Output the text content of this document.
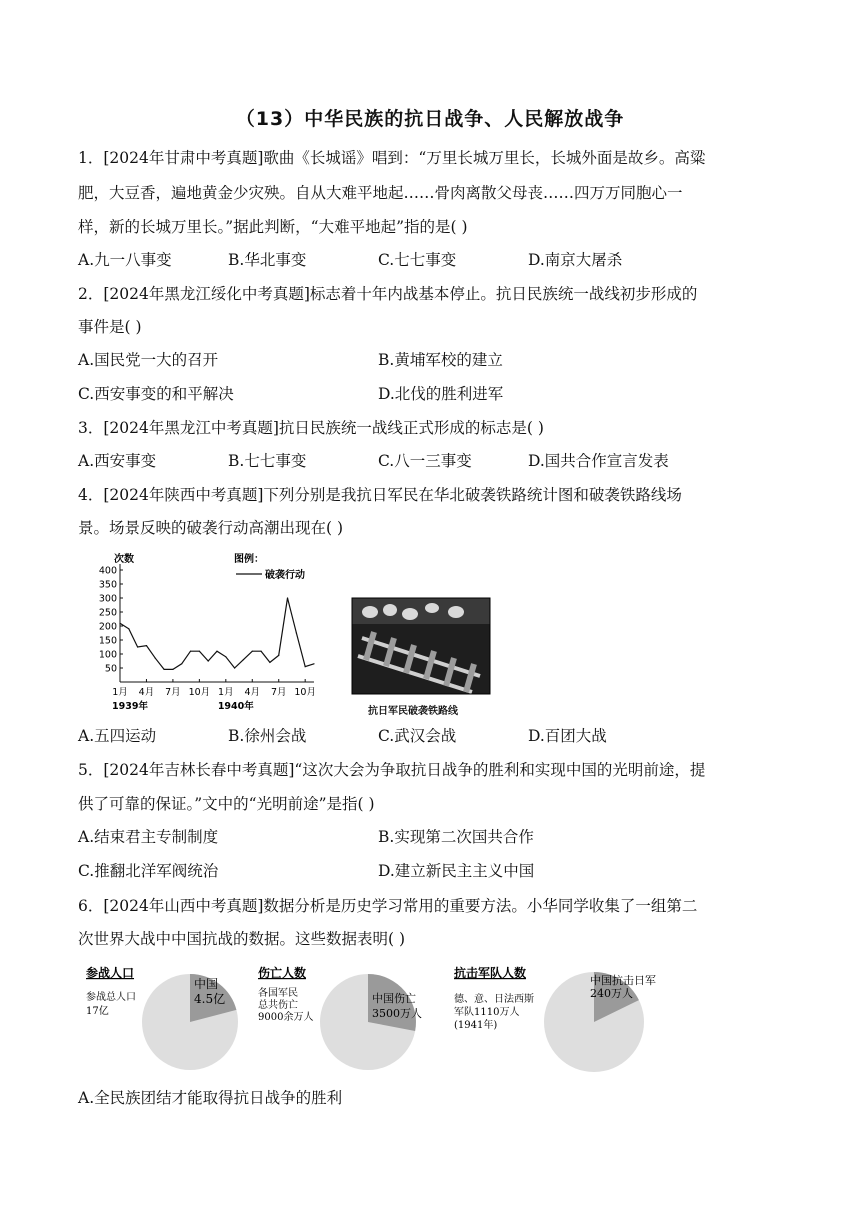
（13）中华民族的抗日战争、人民解放战争
1．[2024年甘肃中考真题]歌曲《长城谣》唱到：“万里长城万里长，长城外面是故乡。高粱
肥，大豆香，遍地黄金少灾殃。自从大难平地起……骨肉离散父母丧……四万万同胞心一
样，新的长城万里长。”据此判断，“大难平地起”指的是( )
A.九一八事变	B.华北事变	C.七七事变	D.南京大屠杀
2．[2024年黑龙江绥化中考真题]标志着十年内战基本停止。抗日民族统一战线初步形成的
事件是( )
A.国民党一大的召开	B.黄埔军校的建立
C.西安事变的和平解决	D.北伐的胜利进军
3．[2024年黑龙江中考真题]抗日民族统一战线正式形成的标志是( )
A.西安事变	B.七七事变	C.八一三事变	D.国共合作宣言发表
4．[2024年陕西中考真题]下列分别是我抗日军民在华北破袭铁路统计图和破袭铁路线场
景。场景反映的破袭行动高潮出现在( )
次数
50
100
150
200
250
300
350
400
1月 4月 7月 10月 1月 4月 7月 10月
1939年	1940年
图例：
破袭行动
抗日军民破袭铁路线
A.五四运动	B.徐州会战	C.武汉会战	D.百团大战
5．[2024年吉林长春中考真题]“这次大会为争取抗日战争的胜利和实现中国的光明前途，提
供了可靠的保证。”文中的“光明前途”是指( )
A.结束君主专制制度	B.实现第二次国共合作
C.推翻北洋军阀统治	D.建立新民主主义中国
6．[2024年山西中考真题]数据分析是历史学习常用的重要方法。小华同学收集了一组第二
次世界大战中中国抗战的数据。这些数据表明( )
参战人口
参战总人口
17亿
中国
4.5亿
伤亡人数
各国军民
总共伤亡
9000余万人
中国伤亡
3500万人
抗击军队人数
德、意、日法西斯
军队1110万人
(1941年)
中国抗击日军
240万人
A.全民族团结才能取得抗日战争的胜利
